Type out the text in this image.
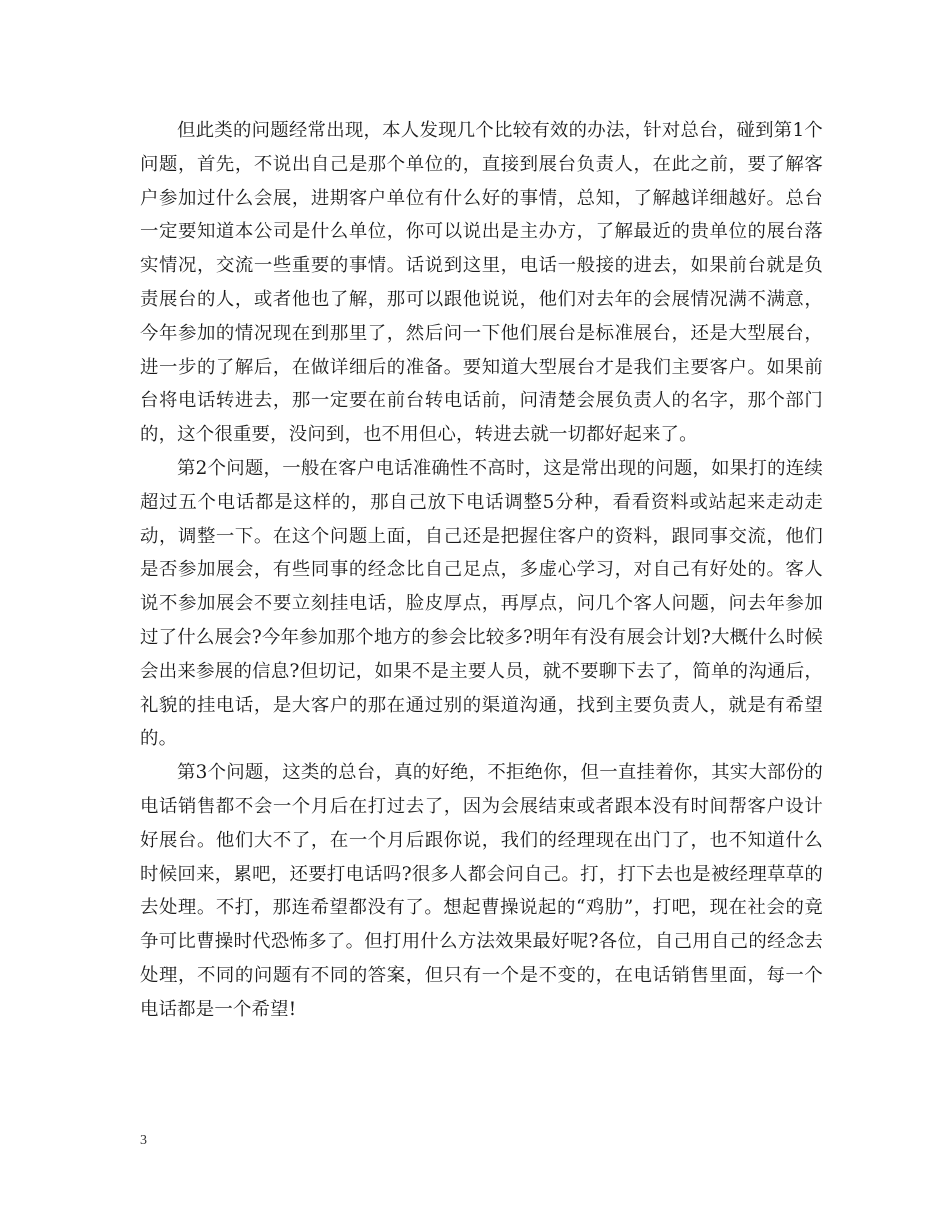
但此类的问题经常出现，本人发现几个比较有效的办法，针对总台，碰到第1个问题，首先，不说出自己是那个单位的，直接到展台负责人，在此之前，要了解客户参加过什么会展，进期客户单位有什么好的事情，总知，了解越详细越好。总台一定要知道本公司是什么单位，你可以说出是主办方，了解最近的贵单位的展台落实情况，交流一些重要的事情。话说到这里，电话一般接的进去，如果前台就是负责展台的人，或者他也了解，那可以跟他说说，他们对去年的会展情况满不满意，今年参加的情况现在到那里了，然后问一下他们展台是标准展台，还是大型展台，进一步的了解后，在做详细后的准备。要知道大型展台才是我们主要客户。如果前台将电话转进去，那一定要在前台转电话前，问清楚会展负责人的名字，那个部门的，这个很重要，没问到，也不用但心，转进去就一切都好起来了。

第2个问题，一般在客户电话准确性不高时，这是常出现的问题，如果打的连续超过五个电话都是这样的，那自己放下电话调整5分种，看看资料或站起来走动走动，调整一下。在这个问题上面，自己还是把握住客户的资料，跟同事交流，他们是否参加展会，有些同事的经念比自己足点，多虚心学习，对自己有好处的。客人说不参加展会不要立刻挂电话，脸皮厚点，再厚点，问几个客人问题，问去年参加过了什么展会?今年参加那个地方的参会比较多?明年有没有展会计划?大概什么时候会出来参展的信息?但切记，如果不是主要人员，就不要聊下去了，简单的沟通后，礼貌的挂电话，是大客户的那在通过别的渠道沟通，找到主要负责人，就是有希望的。

第3个问题，这类的总台，真的好绝，不拒绝你，但一直挂着你，其实大部份的电话销售都不会一个月后在打过去了，因为会展结束或者跟本没有时间帮客户设计好展台。他们大不了，在一个月后跟你说，我们的经理现在出门了，也不知道什么时候回来，累吧，还要打电话吗?很多人都会问自己。打，打下去也是被经理草草的去处理。不打，那连希望都没有了。想起曹操说起的“鸡肋”，打吧，现在社会的竟争可比曹操时代恐怖多了。但打用什么方法效果最好呢?各位，自己用自己的经念去处理，不同的问题有不同的答案，但只有一个是不变的，在电话销售里面，每一个电话都是一个希望!

3
